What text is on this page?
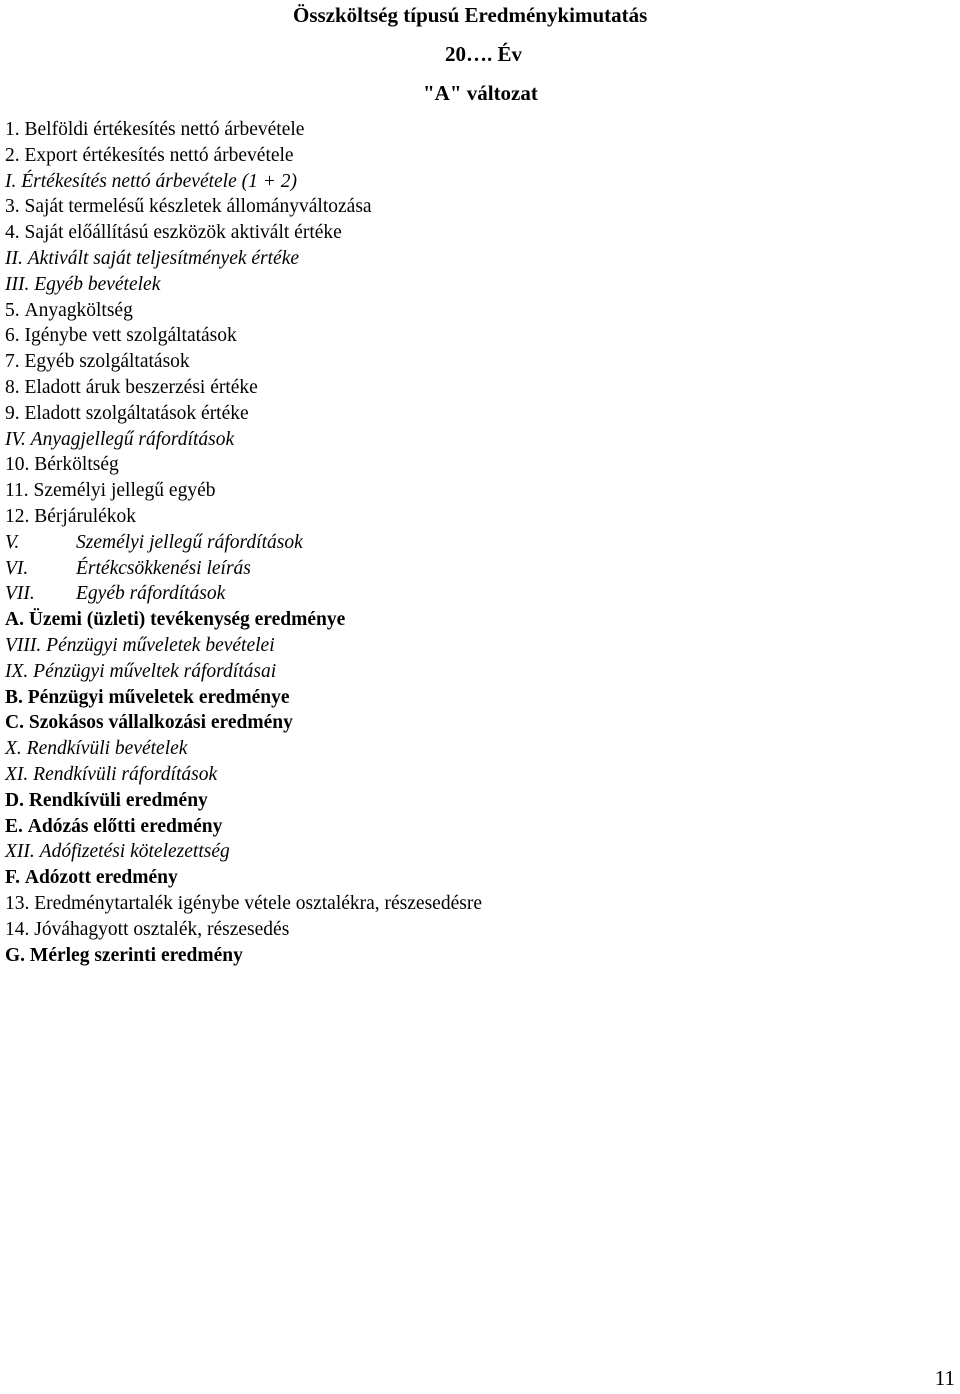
Összköltség típusú Eredménykimutatás
20…. Év
"A" változat
1. Belföldi értékesítés nettó árbevétele
2. Export értékesítés nettó árbevétele
I. Értékesítés nettó árbevétele (1 + 2)
3. Saját termelésű készletek állományváltozása
4. Saját előállítású eszközök aktivált értéke
II. Aktivált saját teljesítmények értéke
III. Egyéb bevételek
5. Anyagköltség
6. Igénybe vett szolgáltatások
7. Egyéb szolgáltatások
8. Eladott áruk beszerzési értéke
9. Eladott szolgáltatások értéke
IV. Anyagjellegű ráfordítások
10. Bérköltség
11. Személyi jellegű egyéb
12. Bérjárulékok
V.	Személyi jellegű ráfordítások
VI.	Értékcsökkenési leírás
VII.	Egyéb ráfordítások
A. Üzemi (üzleti) tevékenység eredménye
VIII. Pénzügyi műveletek bevételei
IX. Pénzügyi műveltek ráfordításai
B. Pénzügyi műveletek eredménye
C. Szokásos vállalkozási eredmény
X. Rendkívüli bevételek
XI. Rendkívüli ráfordítások
D. Rendkívüli eredmény
E. Adózás előtti eredmény
XII. Adófizetési kötelezettség
F. Adózott eredmény
13. Eredménytartalék igénybe vétele osztalékra, részesedésre
14. Jóváhagyott osztalék, részesedés
G. Mérleg szerinti eredmény
11
